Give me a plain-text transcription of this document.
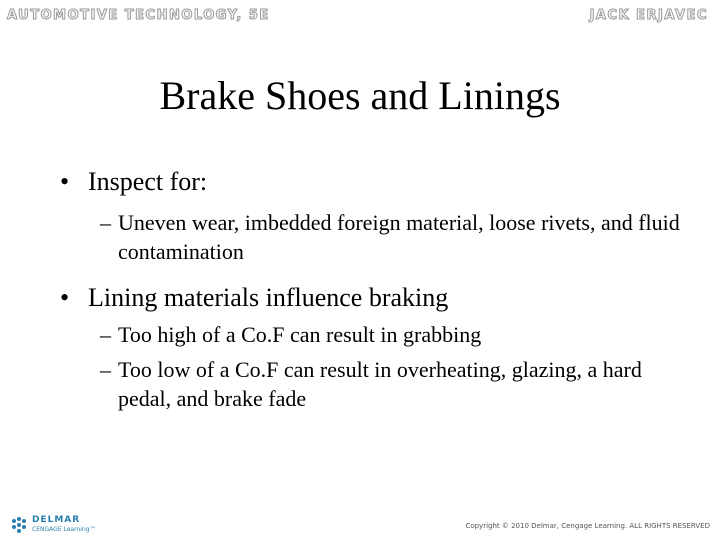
AUTOMOTIVE TECHNOLOGY, 5E	JACK ERJAVEC
Brake Shoes and Linings
• Inspect for:
– Uneven wear, imbedded foreign material, loose rivets, and fluid contamination
• Lining materials influence braking
– Too high of a Co.F can result in grabbing
– Too low of a Co.F can result in overheating, glazing, a hard pedal, and brake fade
DELMAR
CENGAGE Learning™	Copyright © 2010 Delmar, Cengage Learning. ALL RIGHTS RESERVED
